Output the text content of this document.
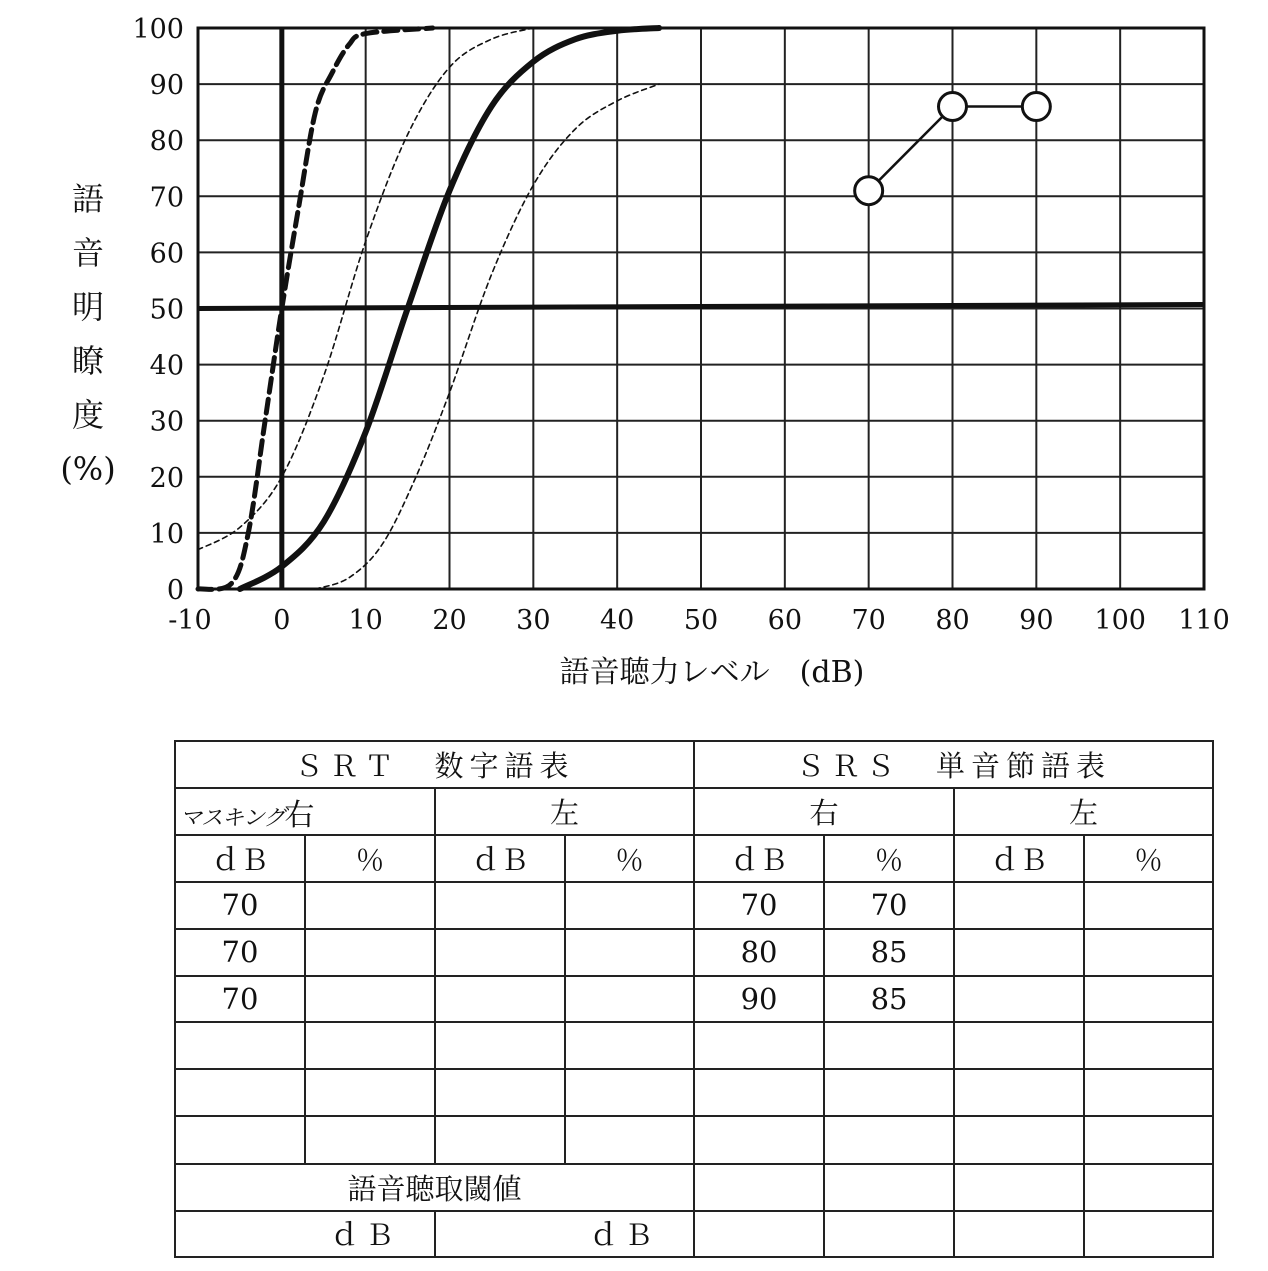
0
10
20
30
40
50
60
70
80
90
100
-10 0 10 20 30 40 50 60 70 80 90 100 110
語音聴力レベル　(dB)
語
音
明
瞭
度
(%)
ＳＲＴ　数字語表				ＳＲＳ　単音節語表			
マスキング右		左		右		左	
ｄＢ	％	ｄＢ	％	ｄＢ	％	ｄＢ	％
70				70	70		
70				80	85		
70				90	85		

語音聴取閾値							
ｄＢ		ｄＢ					
